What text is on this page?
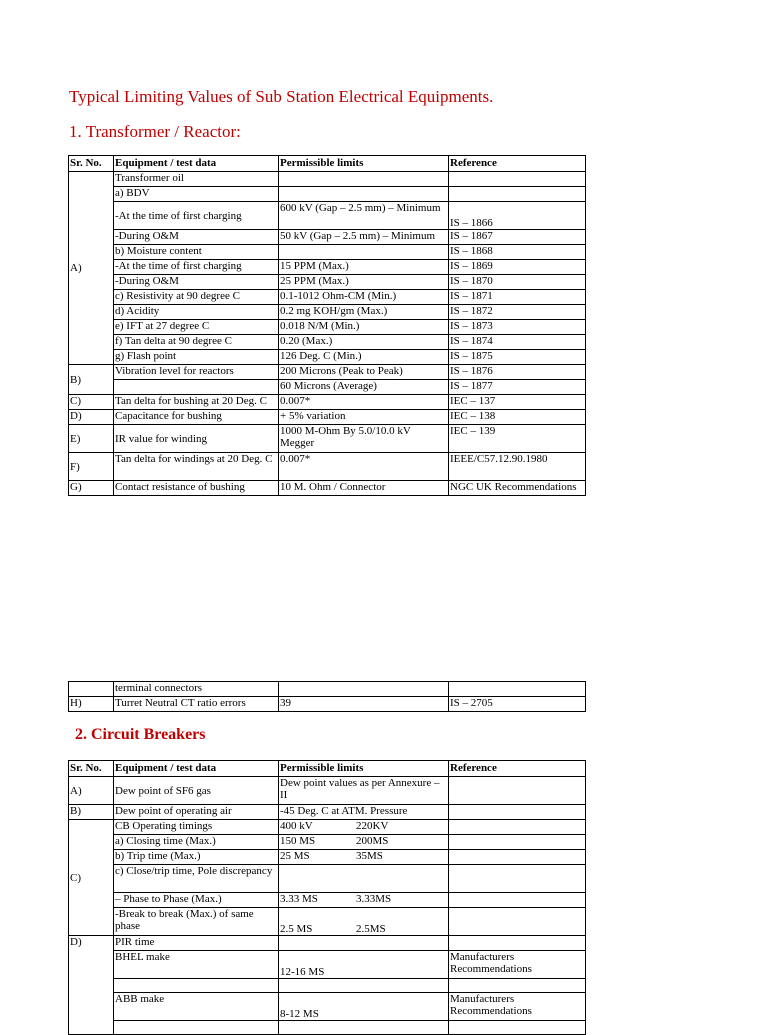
Typical Limiting Values of Sub Station Electrical Equipments.
1. Transformer / Reactor:
Sr. No.	Equipment / test data	Permissible limits	Reference
A)	Transformer oil		
	a) BDV		
	-At the time of first charging	600 kV (Gap – 2.5 mm) – Minimum	IS – 1866
	-During O&M	50 kV (Gap – 2.5 mm) – Minimum	IS – 1867
	b) Moisture content		IS – 1868
	-At the time of first charging	15 PPM (Max.)	IS – 1869
	-During O&M	25 PPM (Max.)	IS – 1870
	c) Resistivity at 90 degree C	0.1-1012 Ohm-CM (Min.)	IS – 1871
	d) Acidity	0.2 mg KOH/gm (Max.)	IS – 1872
	e) IFT at 27 degree C	0.018 N/M (Min.)	IS – 1873
	f) Tan delta at 90 degree C	0.20 (Max.)	IS – 1874
	g) Flash point	126 Deg. C (Min.)	IS – 1875
B)	Vibration level for reactors	200 Microns (Peak to Peak)	IS – 1876
		60 Microns (Average)	IS – 1877
C)	Tan delta for bushing at 20 Deg. C	0.007*	IEC – 137
D)	Capacitance for bushing	+ 5% variation	IEC – 138
E)	IR value for winding	1000 M-Ohm By 5.0/10.0 kV Megger	IEC – 139
F)	Tan delta for windings at 20 Deg. C	0.007*	IEEE/C57.12.90.1980
G)	Contact resistance of bushing	10 M. Ohm / Connector	NGC UK Recommendations
	terminal connectors		
H)	Turret Neutral CT ratio errors	39	IS – 2705
2. Circuit Breakers
Sr. No.	Equipment / test data	Permissible limits	Reference
A)	Dew point of SF6 gas	Dew point values as per Annexure – II	
B)	Dew point of operating air	-45 Deg. C at ATM. Pressure	
C)	CB Operating timings	400 kV 220KV	

	a) Closing time (Max.)	150 MS 200MS	

	b) Trip time (Max.)	25 MS 35MS	

	c) Close/trip time, Pole discrepancy		
	– Phase to Phase (Max.)	3.33 MS 3.33MS	

	-Break to break (Max.) of same phase	2.5 MS 2.5MS	

D)	PIR time		
	BHEL make	12-16 MS	Manufacturers Recommendations

	ABB make	8-12 MS	Manufacturers Recommendations
